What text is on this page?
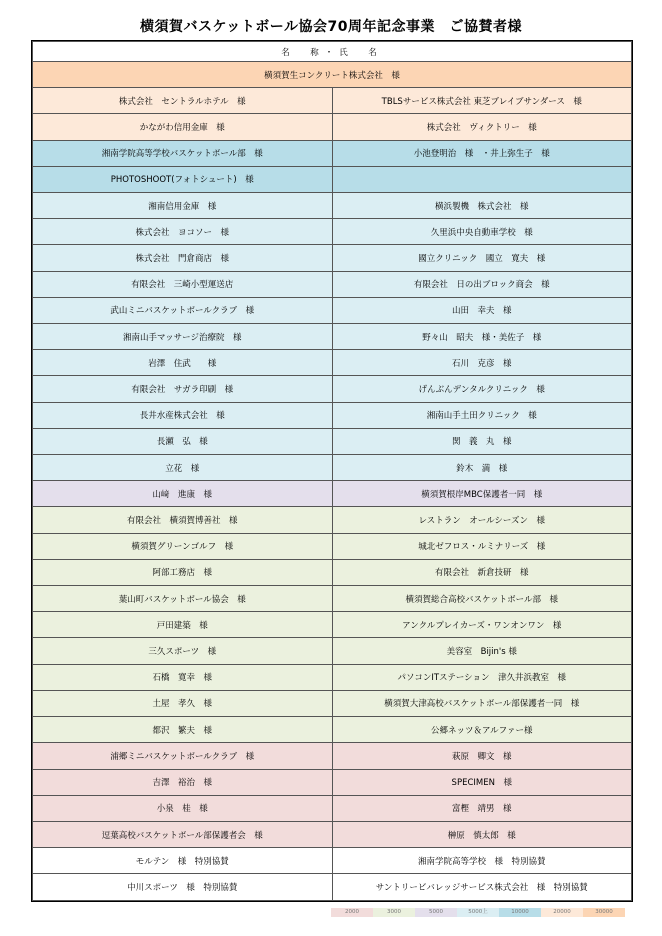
横須賀バスケットボール協会70周年記念事業　ご協賛者様
名　称・氏　名	
横須賀生コンクリート株式会社　様	
株式会社　セントラルホテル　様	TBLSサービス株式会社 東芝ブレイブサンダース　様
かながわ信用金庫　様	株式会社　ヴィクトリー　様
湘南学院高等学校バスケットボール部　様	小池登明治　様　・井上弥生子　様
PHOTOSHOOT(フォトシュート)　様	
湘南信用金庫　様	横浜製機　株式会社　様
株式会社　ヨコソー　様	久里浜中央自動車学校　様
株式会社　門倉商店　様	國立クリニック　國立　寛夫　様
有限会社　三崎小型運送店	有限会社　日の出ブロック商会　様
武山ミニバスケットボールクラブ　様	山田　幸夫　様
湘南山手マッサージ治療院　様	野々山　昭夫　様・美佐子　様
岩澤　住武　　様	石川　克彦　様
有限会社　サガラ印刷　様	げんぶんデンタルクリニック　様
長井水産株式会社　様	湘南山手土田クリニック　様
長瀬　弘　様	関　義　丸　様
立花　様	鈴木　満　様
山﨑　進康　様	横須賀根岸MBC保護者一同　様
有限会社　横須賀博善社　様	レストラン　オールシーズン　様
横須賀グリーンゴルフ　様	城北ゼフロス・ルミナリーズ　様
阿部工務店　様	有限会社　新倉技研　様
葉山町バスケットボール協会　様	横須賀総合高校バスケットボール部　様
戸田建築　様	アンクルプレイカーズ・ワンオンワン　様
三久スポーツ　様	美容室　Bijin's 様
石橋　寛幸　様	パソコンITステーション　津久井浜教室　様
土屋　孝久　様	横須賀大津高校バスケットボール部保護者一同　様
都沢　繁夫　様	公郷ネッツ＆アルファー様
浦郷ミニバスケットボールクラブ　様	萩原　卿文　様
吉澤　裕治　様	SPECIMEN　様
小泉　桂　様	富樫　靖男　様
逗葉高校バスケットボール部保護者会　様	榊原　慎太郎　様
モルテン　様　特別協賛	湘南学院高等学校　様　特別協賛
中川スポーツ　様　特別協賛	サントリービバレッジサービス株式会社　様　特別協賛
2000	3000	5000	5000上	10000	20000	30000
